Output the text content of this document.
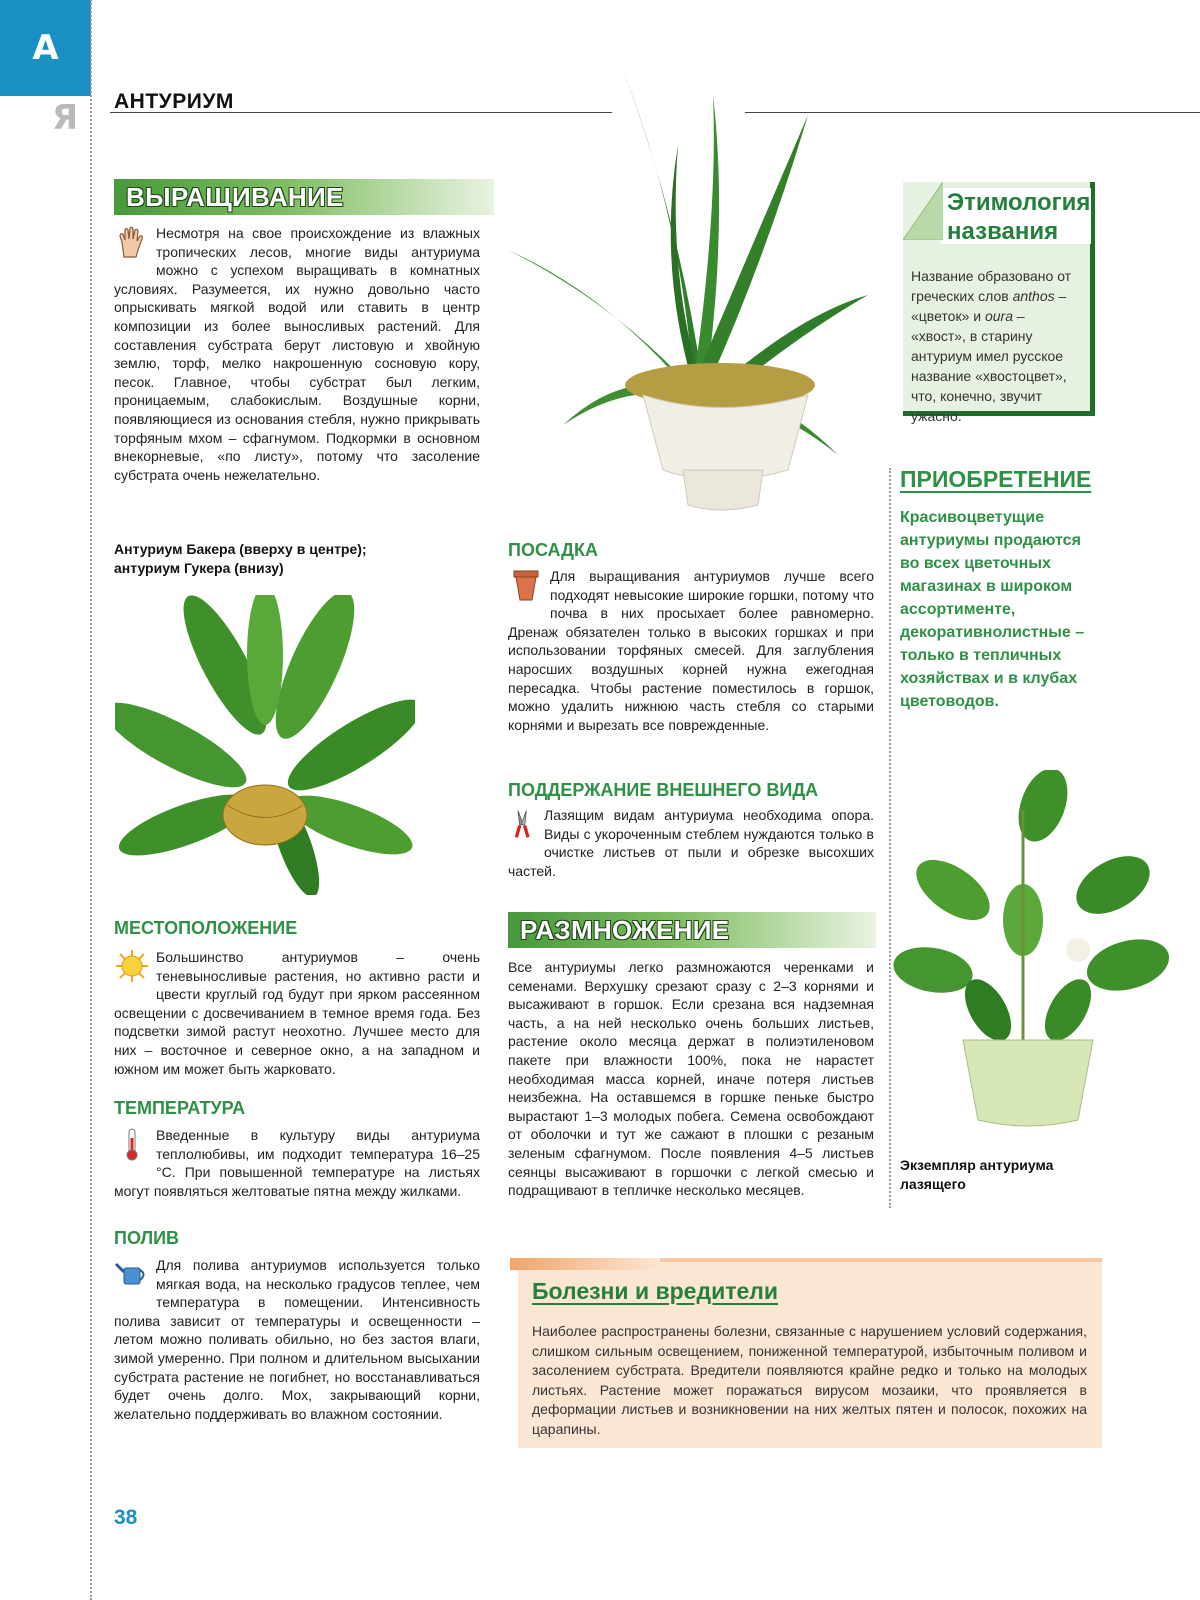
А
Я АНТУРИУМ
ВЫРАЩИВАНИЕ
Несмотря на свое происхождение из влажных тропических лесов, многие виды антуриума можно с успехом выращивать в комнатных условиях. Разумеется, их нужно довольно часто опрыскивать мягкой водой или ставить в центр композиции из более выносливых растений. Для составления субстрата берут листовую и хвойную землю, торф, мелко накрошенную сосновую кору, песок. Главное, чтобы субстрат был легким, проницаемым, слабокислым. Воздушные корни, появляющиеся из основания стебля, нужно прикрывать торфяным мхом – сфагнумом. Подкормки в основном внекорневые, «по листу», потому что засоление субстрата очень нежелательно.
Антуриум Бакера (вверху в центре);
антуриум Гукера (внизу)
МЕСТОПОЛОЖЕНИЕ
Большинство антуриумов – очень теневыносливые растения, но активно расти и цвести круглый год будут при ярком рассеянном освещении с досвечиванием в темное время года. Без подсветки зимой растут неохотно. Лучшее место для них – восточное и северное окно, а на западном и южном им может быть жарковато.
ТЕМПЕРАТУРА
Введенные в культуру виды антуриума теплолюбивы, им подходит температура 16–25 °С. При повышенной температуре на листьях могут появляться желтоватые пятна между жилками.
ПОЛИВ
Для полива антуриумов используется только мягкая вода, на несколько градусов теплее, чем температура в помещении. Интенсивность полива зависит от температуры и освещенности – летом можно поливать обильно, но без застоя влаги, зимой умеренно. При полном и длительном высыхании субстрата растение не погибнет, но восстанавливаться будет очень долго. Мох, закрывающий корни, желательно поддерживать во влажном состоянии.
38
ПОСАДКА
Для выращивания антуриумов лучше всего подходят невысокие широкие горшки, потому что почва в них просыхает более равномерно. Дренаж обязателен только в высоких горшках и при использовании торфяных смесей. Для заглубления наросших воздушных корней нужна ежегодная пересадка. Чтобы растение поместилось в горшок, можно удалить нижнюю часть стебля со старыми корнями и вырезать все поврежденные.
ПОДДЕРЖАНИЕ ВНЕШНЕГО ВИДА
Лазящим видам антуриума необходима опора. Виды с укороченным стеблем нуждаются только в очистке листьев от пыли и обрезке высохших частей.
РАЗМНОЖЕНИЕ
Все антуриумы легко размножаются черенками и семенами. Верхушку срезают сразу с 2–3 корнями и высаживают в горшок. Если срезана вся надземная часть, а на ней несколько очень больших листьев, растение около месяца держат в полиэтиленовом пакете при влажности 100%, пока не нарастет необходимая масса корней, иначе потеря листьев неизбежна. На оставшемся в горшке пеньке быстро вырастают 1–3 молодых побега. Семена освобождают от оболочки и тут же сажают в плошки с резаным зеленым сфагнумом. После появления 4–5 листьев сеянцы высаживают в горшочки с легкой смесью и подращивают в тепличке несколько месяцев.
Этимология
названия
Название образовано от греческих слов anthos – «цветок» и oura – «хвост», в старину антуриум имел русское название «хвостоцвет», что, конечно, звучит ужасно.
ПРИОБРЕТЕНИЕ
Красивоцветущие антуриумы продаются во всех цветочных магазинах в широком ассортименте, декоративнолистные – только в тепличных хозяйствах и в клубах цветоводов.
Экземпляр антуриума
лазящего
Болезни и вредители
Наиболее распространены болезни, связанные с нарушением условий содержания, слишком сильным освещением, пониженной температурой, избыточным поливом и засолением субстрата. Вредители появляются крайне редко и только на молодых листьях. Растение может поражаться вирусом мозаики, что проявляется в деформации листьев и возникновении на них желтых пятен и полосок, похожих на царапины.
